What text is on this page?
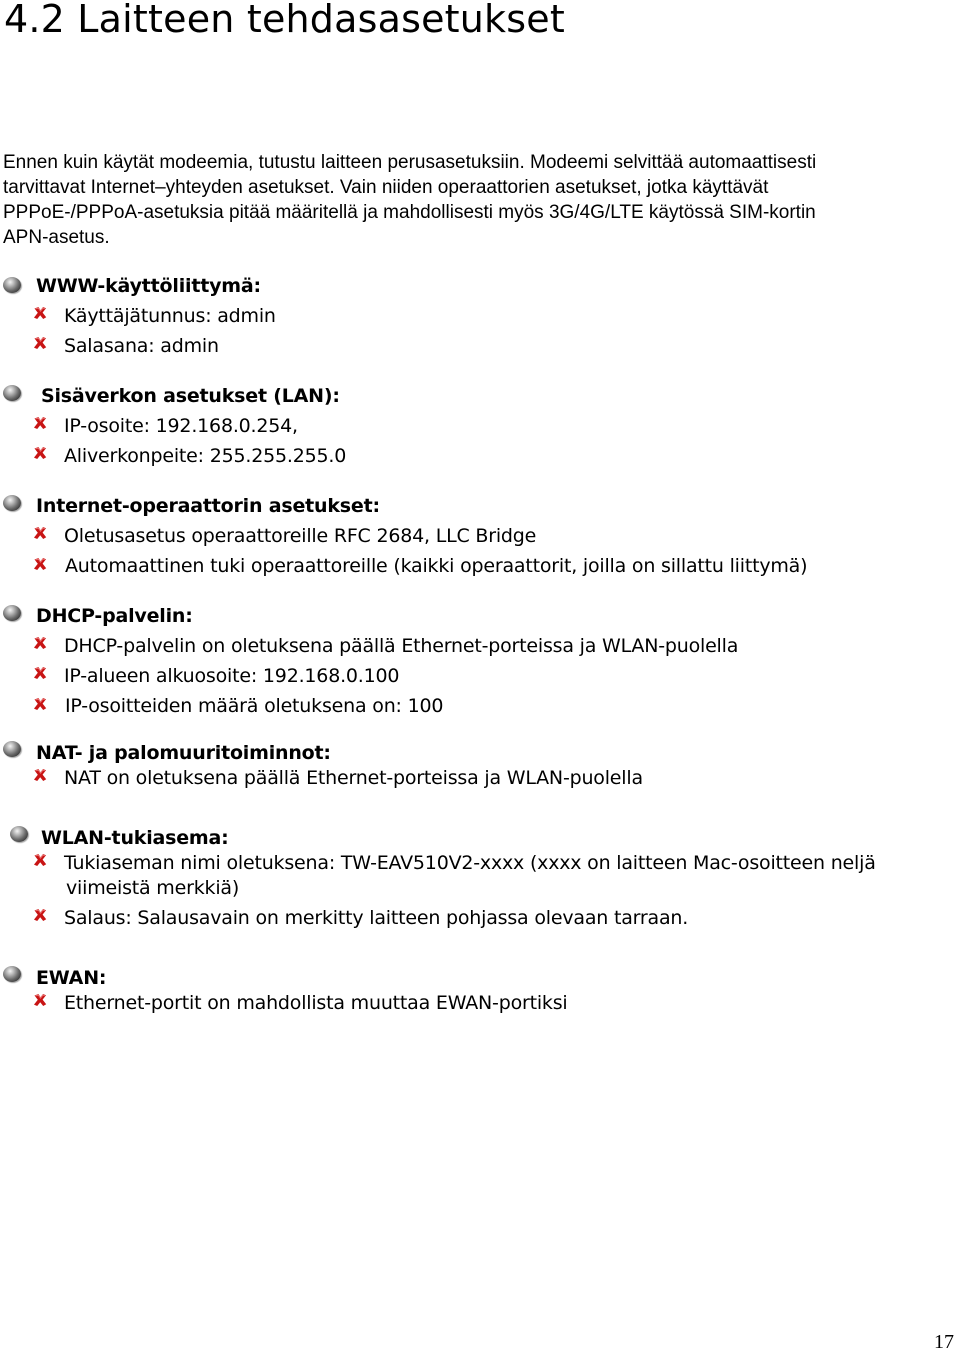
4.2 Laitteen tehdasasetukset
Ennen kuin käytät modeemia, tutustu laitteen perusasetuksiin. Modeemi selvittää automaattisesti
tarvittavat Internet–yhteyden asetukset. Vain niiden operaattorien asetukset, jotka käyttävät
PPPoE-/PPPoA-asetuksia pitää määritellä ja mahdollisesti myös 3G/4G/LTE käytössä SIM-kortin
APN-asetus.
WWW-käyttöliittymä:
Käyttäjätunnus: admin
Salasana: admin
Sisäverkon asetukset (LAN):
IP-osoite: 192.168.0.254,
Aliverkonpeite: 255.255.255.0
Internet-operaattorin asetukset:
Oletusasetus operaattoreille RFC 2684, LLC Bridge
Automaattinen tuki operaattoreille (kaikki operaattorit, joilla on sillattu liittymä)
DHCP-palvelin:
DHCP-palvelin on oletuksena päällä Ethernet-porteissa ja WLAN-puolella
IP-alueen alkuosoite: 192.168.0.100
IP-osoitteiden määrä oletuksena on: 100
NAT- ja palomuuritoiminnot:
NAT on oletuksena päällä Ethernet-porteissa ja WLAN-puolella
WLAN-tukiasema:
Tukiaseman nimi oletuksena: TW-EAV510V2-xxxx (xxxx on laitteen Mac-osoitteen neljä
viimeistä merkkiä)
Salaus: Salausavain on merkitty laitteen pohjassa olevaan tarraan.
EWAN:
Ethernet-portit on mahdollista muuttaa EWAN-portiksi
17
